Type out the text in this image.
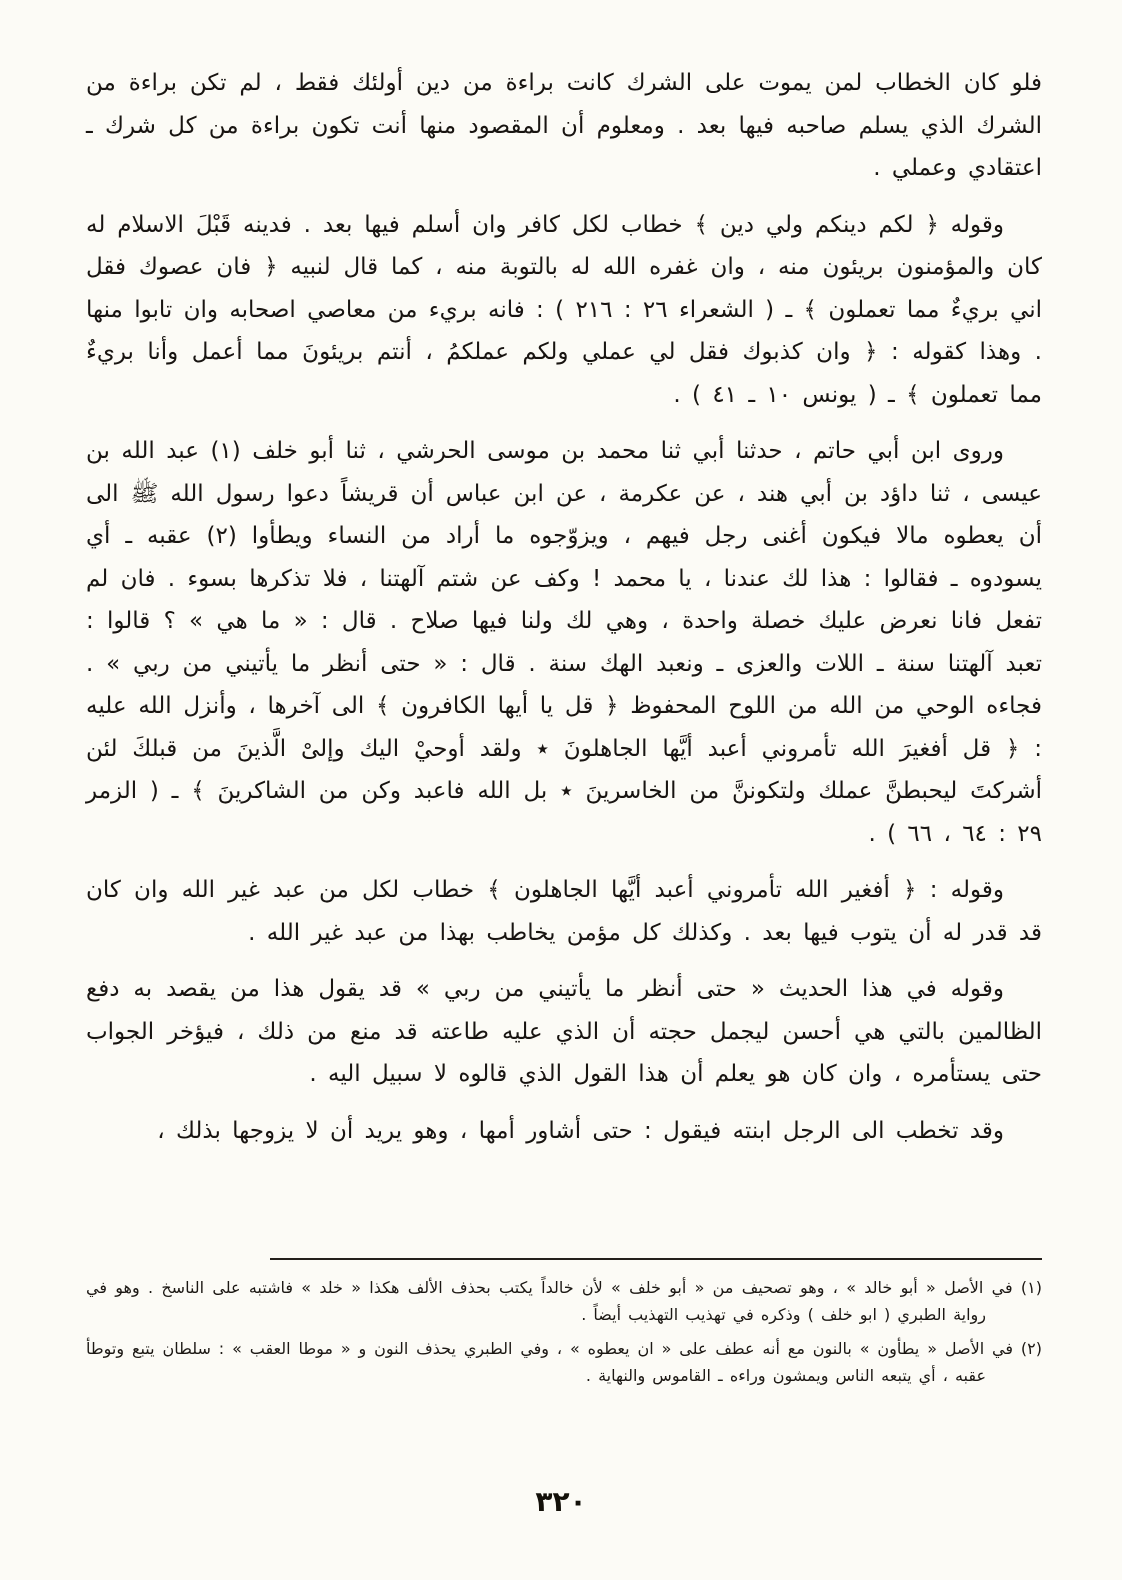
فلو كان الخطاب لمن يموت على الشرك كانت براءة من دين أولئك فقط ، لم تكن براءة من الشرك الذي يسلم صاحبه فيها بعد . ومعلوم أن المقصود منها أنت تكون براءة من كل شرك ـ اعتقادي وعملي .

وقوله ﴿ لكم دينكم ولي دين ﴾ خطاب لكل كافر وان أسلم فيها بعد . فدينه قَبْلَ الاسلام له كان والمؤمنون بريئون منه ، وان غفره الله له بالتوبة منه ، كما قال لنبيه ﴿ فان عصوك فقل اني بريءٌ مما تعملون ﴾ ـ ( الشعراء ٢٦ : ٢١٦ ) : فانه بريء من معاصي اصحابه وان تابوا منها . وهذا كقوله : ﴿ وان كذبوك فقل لي عملي ولكم عملكمُ ، أنتم بريئونَ مما أعمل وأنا بريءٌ مما تعملون ﴾ ـ ( يونس ١٠ ـ ٤١ ) .

وروى ابن أبي حاتم ، حدثنا أبي ثنا محمد بن موسى الحرشي ، ثنا أبو خلف (١) عبد الله بن عيسى ، ثنا داؤد بن أبي هند ، عن عكرمة ، عن ابن عباس أن قريشاً دعوا رسول الله ﷺ الى أن يعطوه مالا فيكون أغنى رجل فيهم ، ويزوّجوه ما أراد من النساء ويطأوا (٢) عقبه ـ أي يسودوه ـ فقالوا : هذا لك عندنا ، يا محمد ! وكف عن شتم آلهتنا ، فلا تذكرها بسوء . فان لم تفعل فانا نعرض عليك خصلة واحدة ، وهي لك ولنا فيها صلاح . قال : « ما هي » ؟ قالوا : تعبد آلهتنا سنة ـ اللات والعزى ـ ونعبد الهك سنة . قال : « حتى أنظر ما يأتيني من ربي » . فجاءه الوحي من الله من اللوح المحفوظ ﴿ قل يا أيها الكافرون ﴾ الى آخرها ، وأنزل الله عليه : ﴿ قل أفغيرَ الله تأمروني أعبد أيَّها الجاهلونَ ٭ ولقد أوحيْ اليك وإلىْ الَّذينَ من قبلكَ لئن أشركتَ ليحبطنَّ عملك ولتكوننَّ من الخاسرينَ ٭ بل الله فاعبد وكن من الشاكرينَ ﴾ ـ ( الزمر ٢٩ : ٦٤ ، ٦٦ ) .

وقوله : ﴿ أفغير الله تأمروني أعبد أيَّها الجاهلون ﴾ خطاب لكل من عبد غير الله وان كان قد قدر له أن يتوب فيها بعد . وكذلك كل مؤمن يخاطب بهذا من عبد غير الله .

وقوله في هذا الحديث « حتى أنظر ما يأتيني من ربي » قد يقول هذا من يقصد به دفع الظالمين بالتي هي أحسن ليجمل حجته أن الذي عليه طاعته قد منع من ذلك ، فيؤخر الجواب حتى يستأمره ، وان كان هو يعلم أن هذا القول الذي قالوه لا سبيل اليه .

وقد تخطب الى الرجل ابنته فيقول : حتى أشاور أمها ، وهو يريد أن لا يزوجها بذلك ،

(١) في الأصل « أبو خالد » ، وهو تصحيف من « أبو خلف » لأن خالداً يكتب بحذف الألف هكذا « خلد » فاشتبه على الناسخ . وهو في رواية الطبري ( ابو خلف ) وذكره في تهذيب التهذيب أيضاً .

(٢) في الأصل « يطأون » بالنون مع أنه عطف على « ان يعطوه » ، وفي الطبري يحذف النون و « موطا العقب » : سلطان يتبع وتوطأ عقبه ، أي يتبعه الناس ويمشون وراءه ـ القاموس والنهاية .

٣٢٠
